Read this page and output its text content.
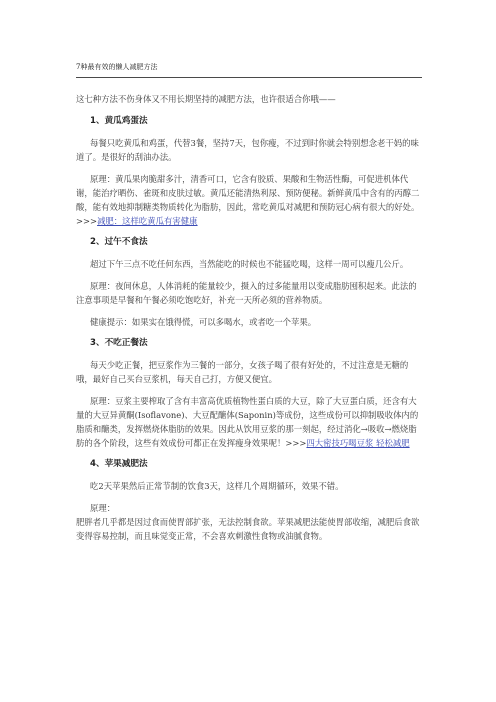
7种最有效的懒人减肥方法

这七种方法不伤身体又不用长期坚持的减肥方法，也许很适合你哦——

1、黄瓜鸡蛋法

每餐只吃黄瓜和鸡蛋，代替3餐，坚持7天，包你瘦，不过到时你就会特别想念老干妈的味道了。是很好的刮油办法。

原理：黄瓜果肉脆甜多汁，清香可口，它含有胶质、果酸和生物活性酶，可促进机体代谢，能治疗晒伤、雀斑和皮肤过敏。黄瓜还能清热利尿、预防便秘。新鲜黄瓜中含有的丙醇二酸，能有效地抑制糖类物质转化为脂肪，因此，常吃黄瓜对减肥和预防冠心病有很大的好处。>>>减肥：这样吃黄瓜有害健康

2、过午不食法

超过下午三点不吃任何东西，当然能吃的时候也不能猛吃喝，这样一周可以瘦几公斤。

原理：夜间休息，人体消耗的能量较少，摄入的过多能量用以变成脂肪囤积起来。此法的注意事项是早餐和午餐必须吃饱吃好，补充一天所必须的营养物质。

健康提示：如果实在饿得慌，可以多喝水，或者吃一个苹果。

3、不吃正餐法

每天少吃正餐，把豆浆作为三餐的一部分，女孩子喝了很有好处的，不过注意是无糖的哦，最好自己买台豆浆机，每天自己打，方便又便宜。

原理：豆浆主要榨取了含有丰富高优质植物性蛋白质的大豆，除了大豆蛋白质，还含有大量的大豆异黄酮(Isoflavone)、大豆配醣体(Saponin)等成份，这些成份可以抑制吸收体内的脂质和醣类，发挥燃烧体脂肪的效果。因此从饮用豆浆的那一刻起，经过消化→吸收→燃烧脂肪的各个阶段，这些有效成份可都正在发挥瘦身效果呢！>>>四大密技巧喝豆浆 轻松减肥

4、苹果减肥法

吃2天苹果然后正常节制的饮食3天，这样几个周期循环，效果不错。

原理：

肥胖者几乎都是因过食而使胃部扩张，无法控制食欲。苹果减肥法能使胃部收缩，减肥后食欲变得容易控制，而且味觉变正常，不会喜欢刺激性食物或油腻食物。
